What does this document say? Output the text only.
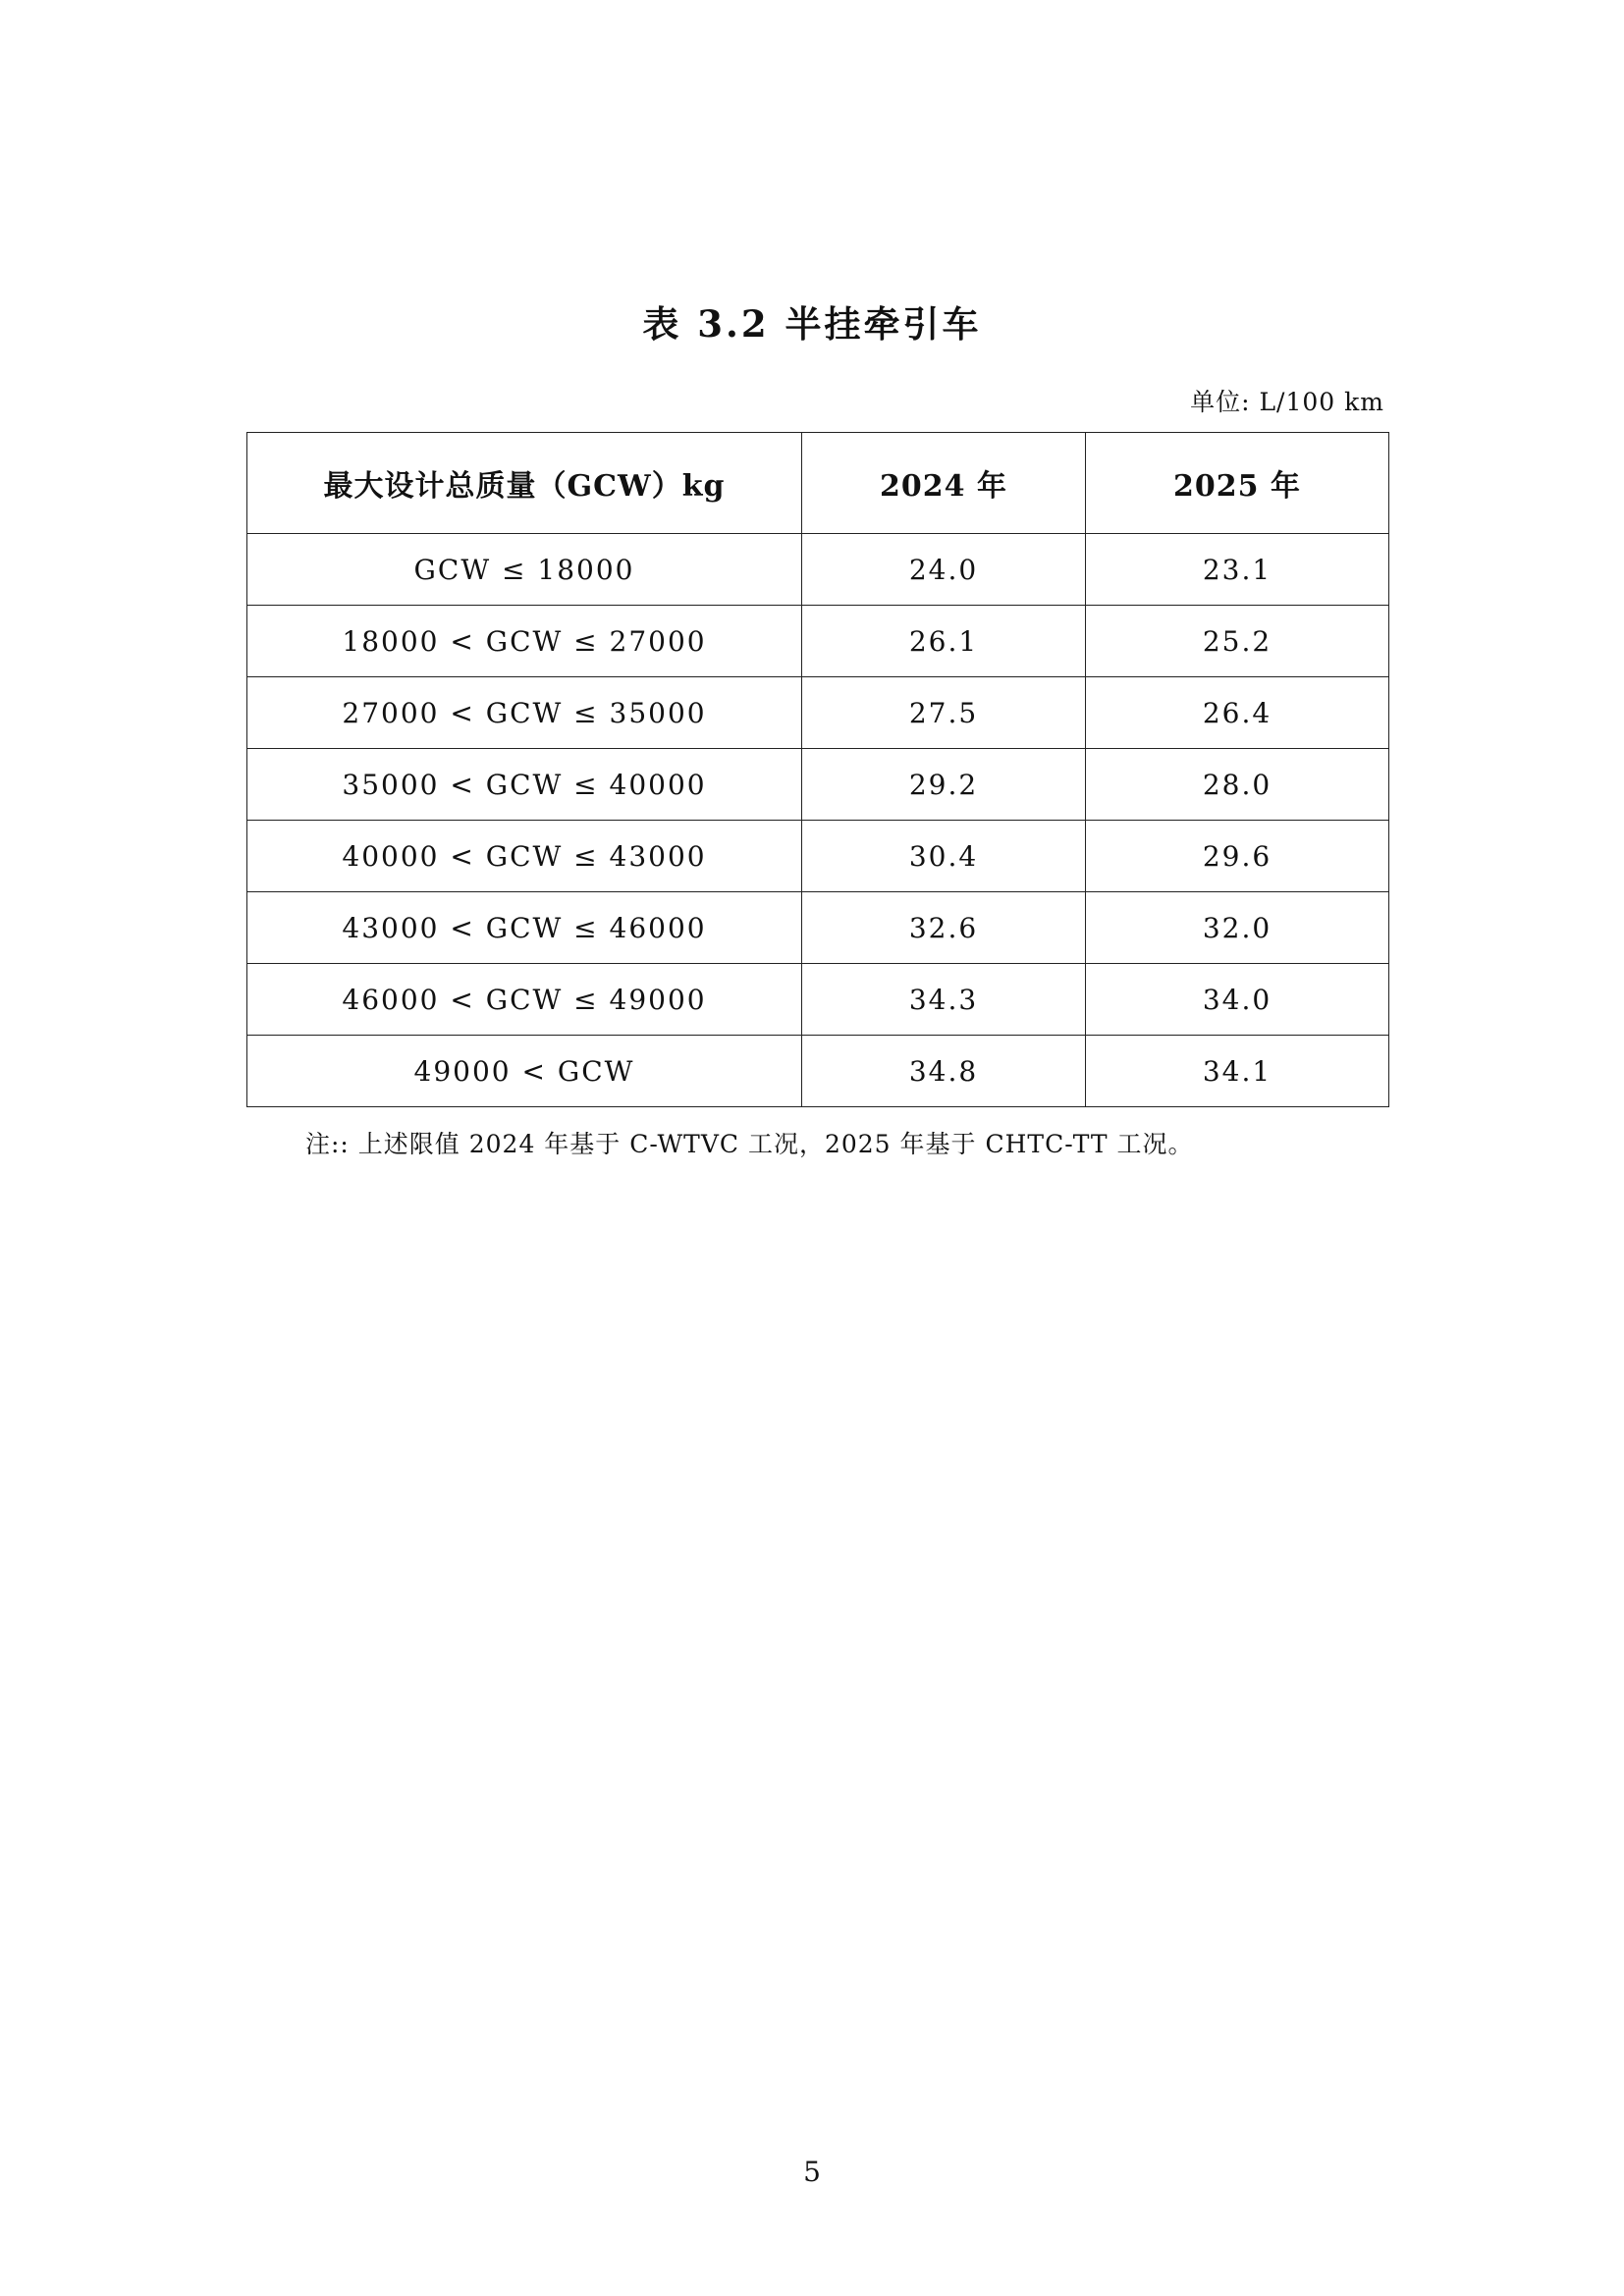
表 3.2 半挂牵引车
单位: L/100 km
最大设计总质量（GCW）kg	2024 年	2025 年
GCW ≤ 18000	24.0	23.1
18000 < GCW ≤ 27000	26.1	25.2
27000 < GCW ≤ 35000	27.5	26.4
35000 < GCW ≤ 40000	29.2	28.0
40000 < GCW ≤ 43000	30.4	29.6
43000 < GCW ≤ 46000	32.6	32.0
46000 < GCW ≤ 49000	34.3	34.0
49000 < GCW	34.8	34.1
注:: 上述限值 2024 年基于 C-WTVC 工况，2025 年基于 CHTC-TT 工况。
5
